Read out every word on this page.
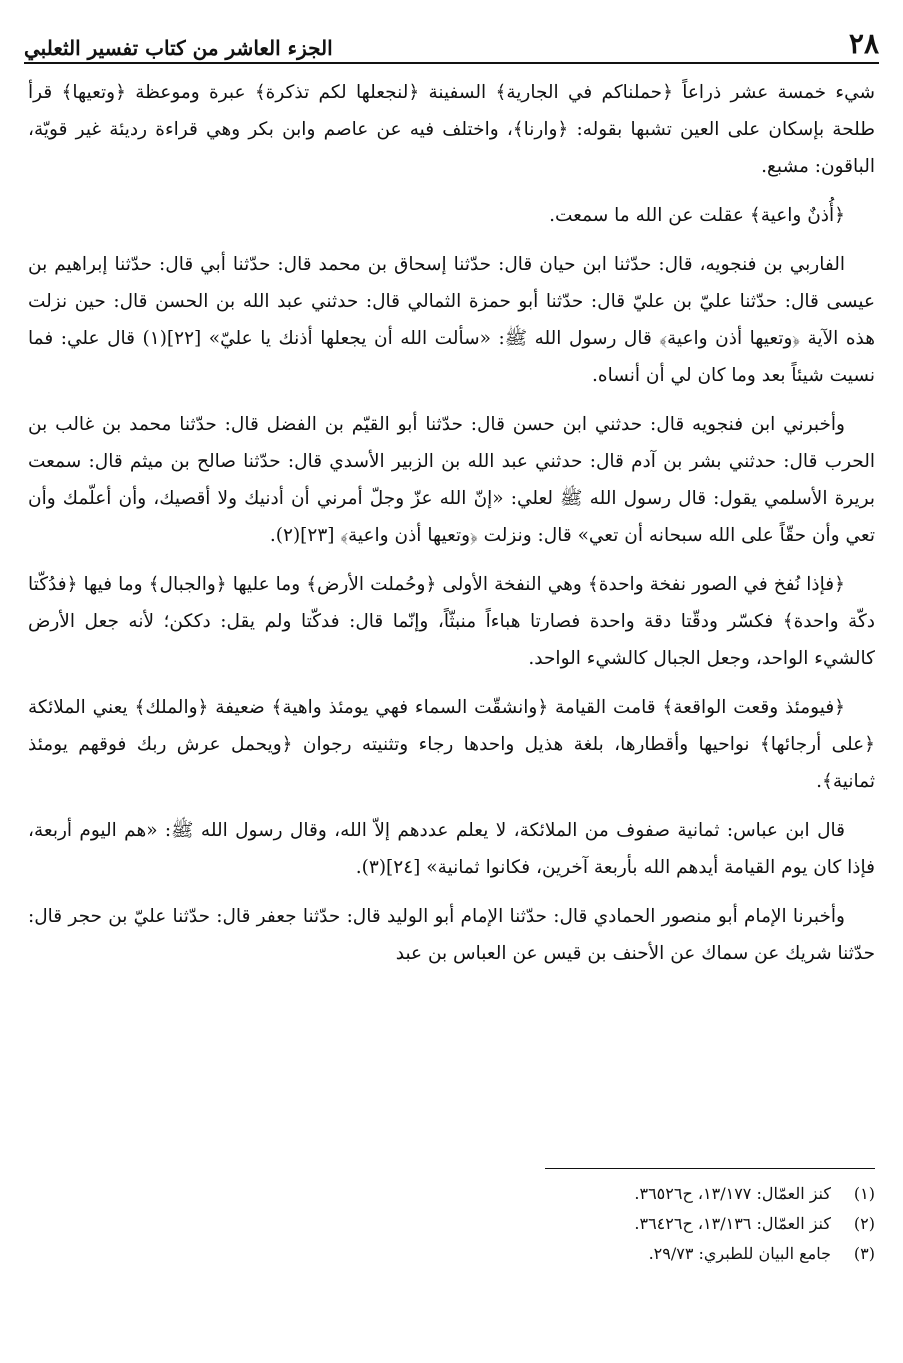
٢٨
الجزء العاشر من كتاب تفسير الثعلبي

شيء خمسة عشر ذراعاً ﴿حملناكم في الجارية﴾ السفينة ﴿لنجعلها لكم تذكرة﴾ عبرة وموعظة ﴿وتعيها﴾ قرأ طلحة بإسكان على العين تشبها بقوله: ﴿وارنا﴾، واختلف فيه عن عاصم وابن بكر وهي قراءة رديئة غير قويّة، الباقون: مشبع.

﴿أُذنٌ واعية﴾ عقلت عن الله ما سمعت.

الفاربي بن فنجويه، قال: حدّثنا ابن حيان قال: حدّثنا إسحاق بن محمد قال: حدّثنا أبي قال: حدّثنا إبراهيم بن عيسى قال: حدّثنا عليّ بن عليّ قال: حدّثنا أبو حمزة الثمالي قال: حدثني عبد الله بن الحسن قال: حين نزلت هذه الآية ﴿وتعيها أذن واعية﴾ قال رسول الله ﷺ: «سألت الله أن يجعلها أذنك يا عليّ» [٢٢](١) قال علي: فما نسيت شيئاً بعد وما كان لي أن أنساه.

وأخبرني ابن فنجويه قال: حدثني ابن حسن قال: حدّثنا أبو القيّم بن الفضل قال: حدّثنا محمد بن غالب بن الحرب قال: حدثني بشر بن آدم قال: حدثني عبد الله بن الزبير الأسدي قال: حدّثنا صالح بن ميثم قال: سمعت بريرة الأسلمي يقول: قال رسول الله ﷺ لعلي: «إنّ الله عزّ وجلّ أمرني أن أدنيك ولا أقصيك، وأن أعلّمك وأن تعي وأن حقّاً على الله سبحانه أن تعي» قال: ونزلت ﴿وتعيها أذن واعية﴾ [٢٣](٢).

﴿فإذا نُفخ في الصور نفخة واحدة﴾ وهي النفخة الأولى ﴿وحُملت الأرض﴾ وما عليها ﴿والجبال﴾ وما فيها ﴿فدُكّتا دكّة واحدة﴾ فكسّر ودقّتا دقة واحدة فصارتا هباءاً منبثّاً، وإنّما قال: فدكّتا ولم يقل: دككن؛ لأنه جعل الأرض كالشيء الواحد، وجعل الجبال كالشيء الواحد.

﴿فيومئذ وقعت الواقعة﴾ قامت القيامة ﴿وانشقّت السماء فهي يومئذ واهية﴾ ضعيفة ﴿والملك﴾ يعني الملائكة ﴿على أرجائها﴾ نواحيها وأقطارها، بلغة هذيل واحدها رجاء وتثنيته رجوان ﴿ويحمل عرش ربك فوقهم يومئذ ثمانية﴾.

قال ابن عباس: ثمانية صفوف من الملائكة، لا يعلم عددهم إلاّ الله، وقال رسول الله ﷺ: «هم اليوم أربعة، فإذا كان يوم القيامة أيدهم الله بأربعة آخرين، فكانوا ثمانية» [٢٤](٣).

وأخبرنا الإمام أبو منصور الحمادي قال: حدّثنا الإمام أبو الوليد قال: حدّثنا جعفر قال: حدّثنا عليّ بن حجر قال: حدّثنا شريك عن سماك عن الأحنف بن قيس عن العباس بن عبد

(١)
كنز العمّال: ١٣/١٧٧، ح٣٦٥٢٦.
(٢)
كنز العمّال: ١٣/١٣٦، ح٣٦٤٢٦.
(٣)
جامع البيان للطبري: ٢٩/٧٣.
